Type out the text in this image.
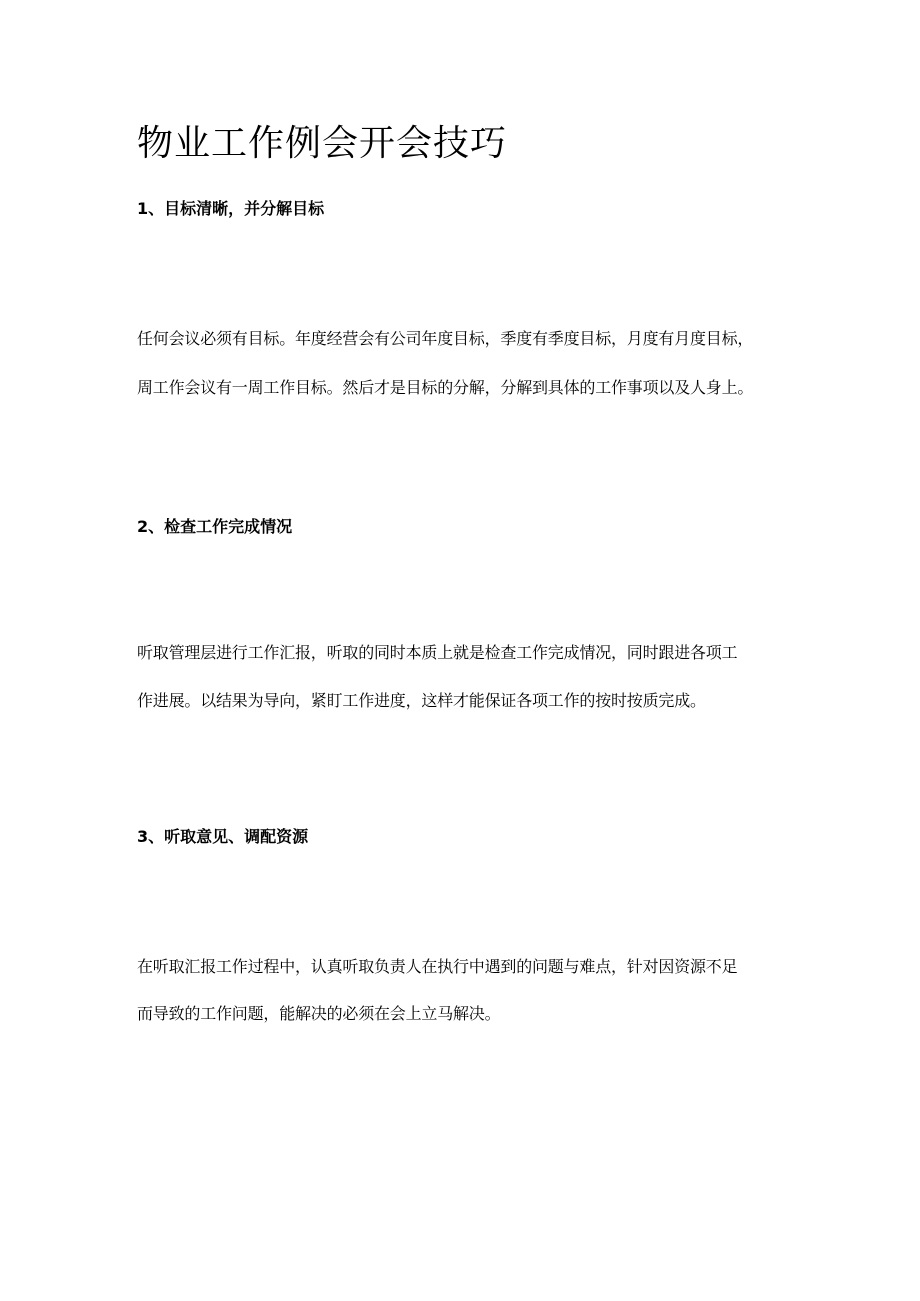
物业工作例会开会技巧
1、目标清晰，并分解目标

任何会议必须有目标。年度经营会有公司年度目标，季度有季度目标，月度有月度目标，

周工作会议有一周工作目标。然后才是目标的分解，分解到具体的工作事项以及人身上。

2、检查工作完成情况

听取管理层进行工作汇报，听取的同时本质上就是检查工作完成情况，同时跟进各项工

作进展。以结果为导向，紧盯工作进度，这样才能保证各项工作的按时按质完成。

3、听取意见、调配资源

在听取汇报工作过程中，认真听取负责人在执行中遇到的问题与难点，针对因资源不足

而导致的工作问题，能解决的必须在会上立马解决。
